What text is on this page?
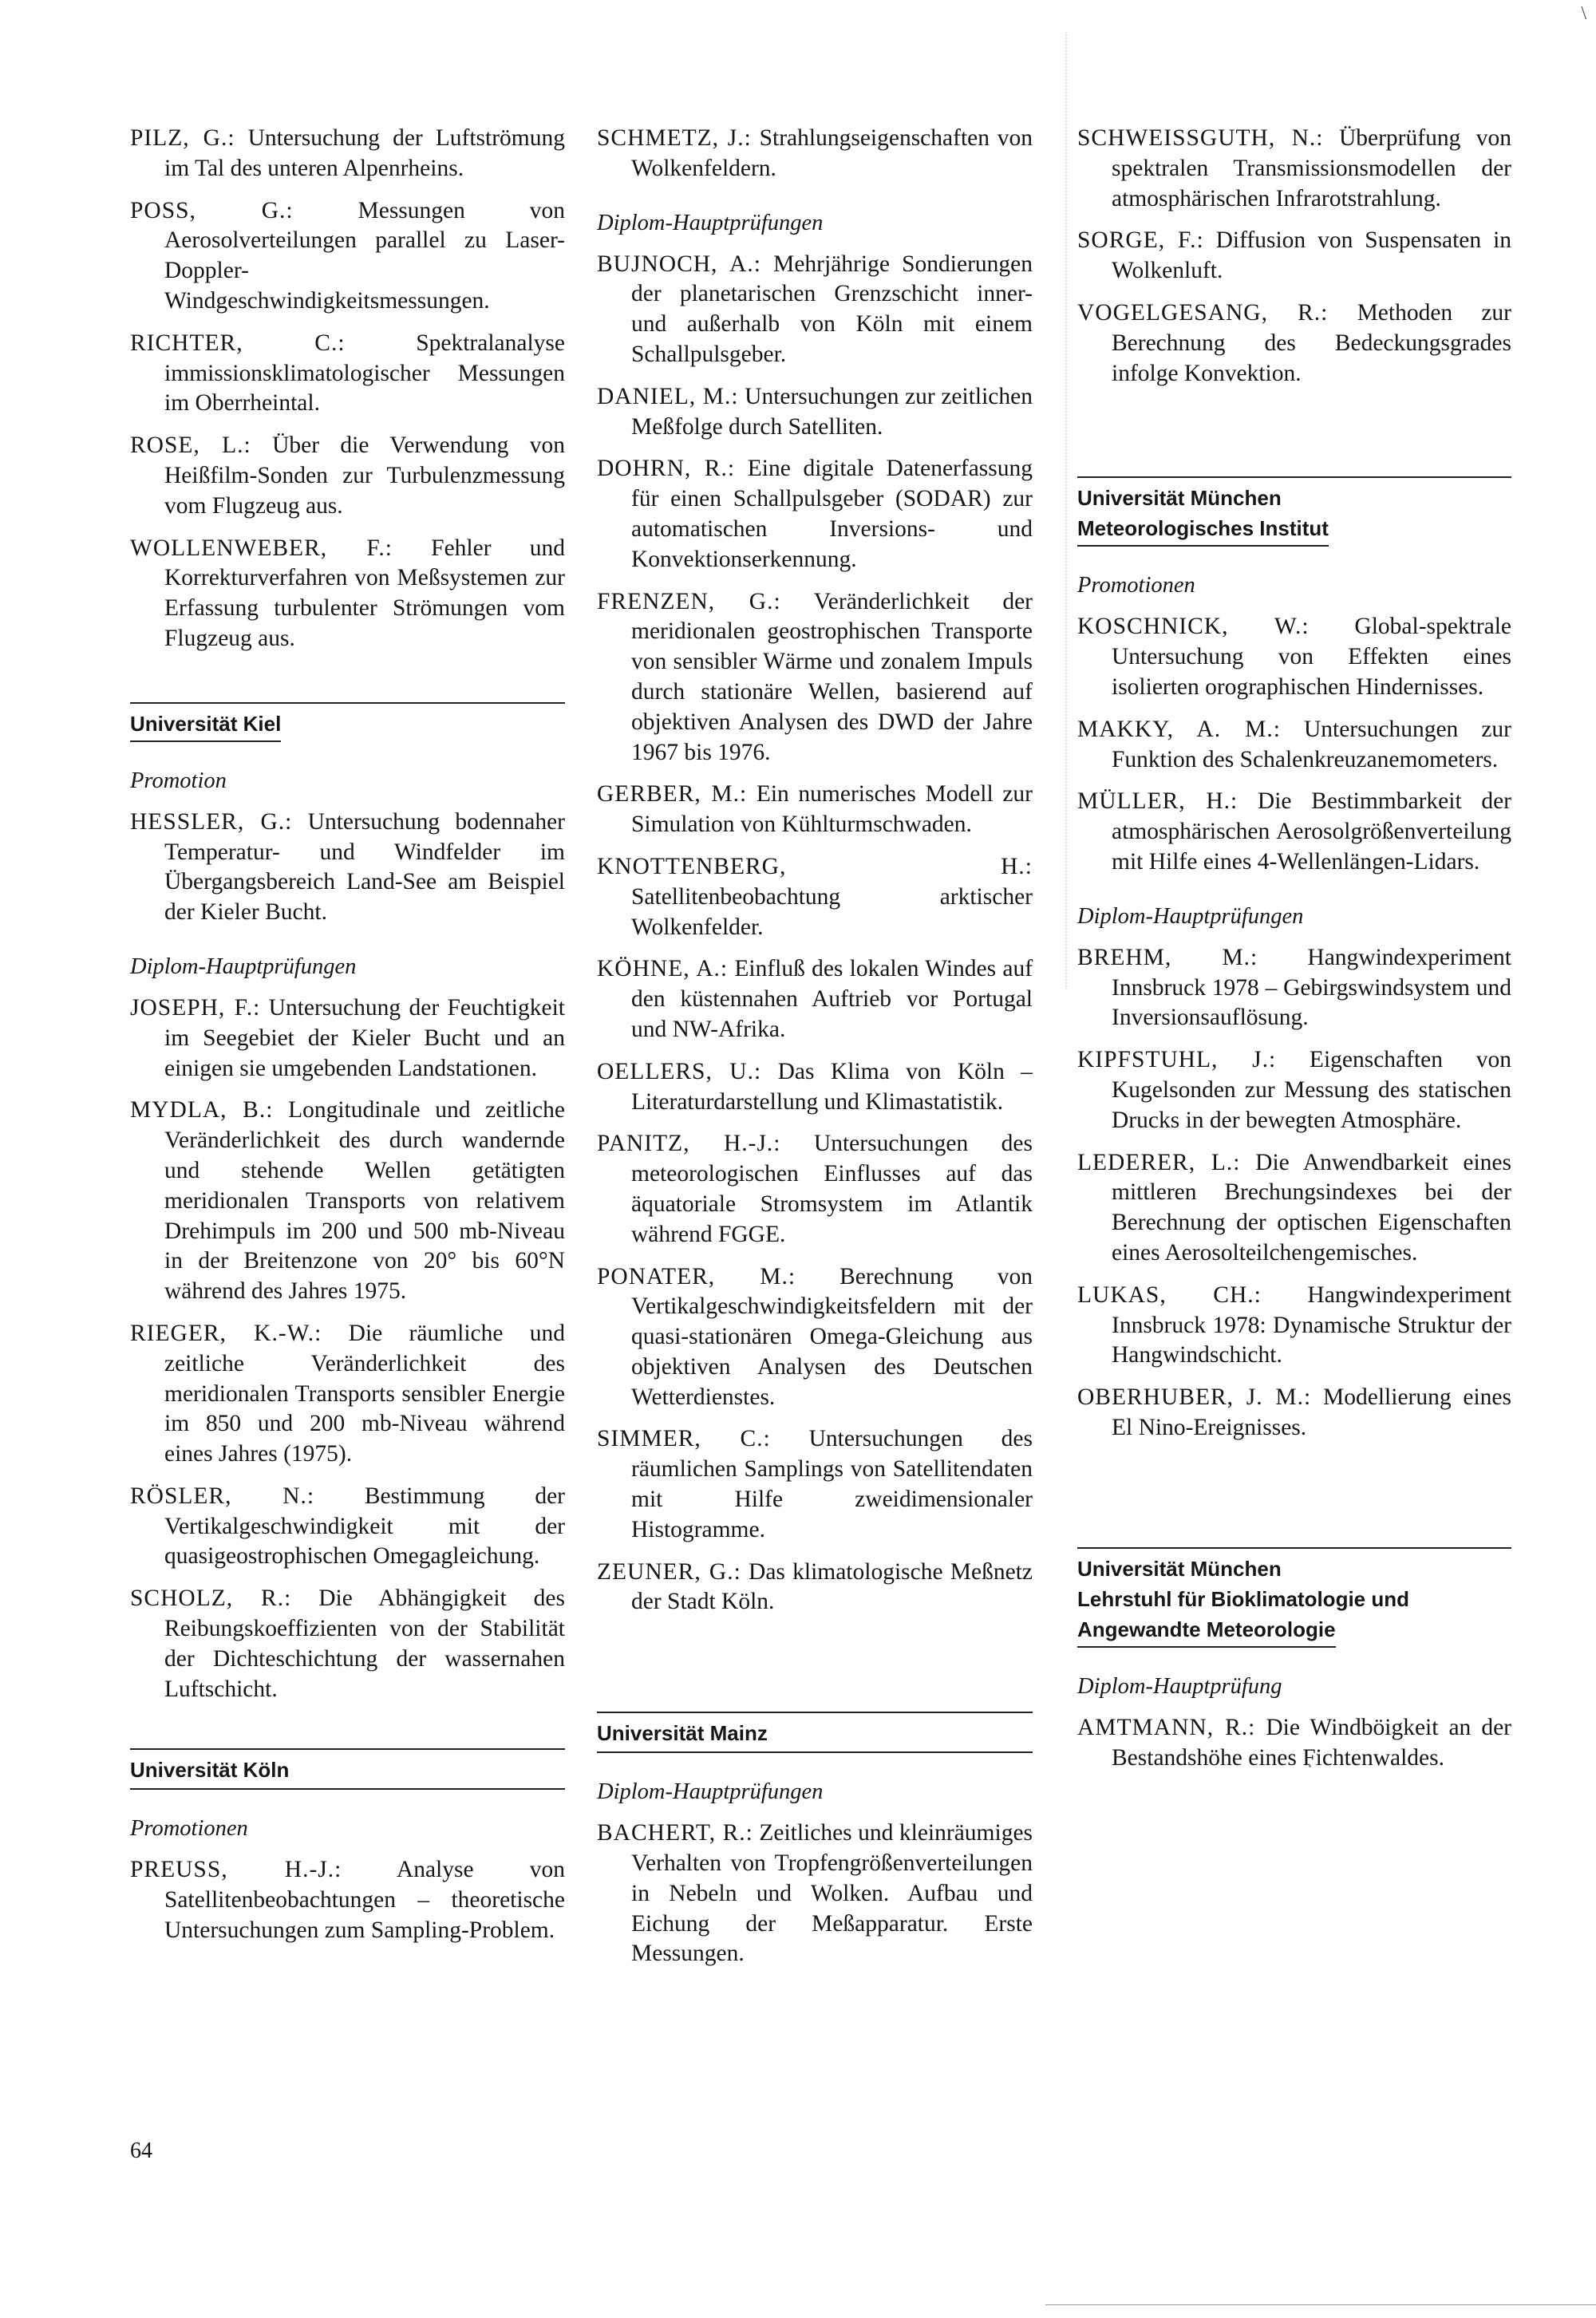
\

PILZ, G.: Untersuchung der Luftströmung im Tal des unteren Alpenrheins.

POSS, G.:	Messungen von Aerosolverteilungen parallel zu Laser-Doppler-Windgeschwindigkeitsmessungen.

RICHTER, C.:	Spektralanalyse immissionsklimatologischer Messungen im Oberrheintal.

ROSE, L.: Über die Verwendung von Heißfilm-Sonden zur Turbulenzmessung vom Flugzeug aus.

WOLLENWEBER, F.: Fehler und Korrekturverfahren von Meßsystemen zur Erfassung turbulenter Strömungen vom Flugzeug aus.

Universität Kiel
Promotion

HESSLER, G.: Untersuchung bodennaher Temperatur- und Windfelder im Übergangsbereich Land-See am Beispiel der Kieler Bucht.

Diplom-Hauptprüfungen

JOSEPH, F.: Untersuchung der Feuchtigkeit im Seegebiet der Kieler Bucht und an einigen sie umgebenden Landstationen.

MYDLA, B.: Longitudinale und zeitliche Veränderlichkeit des durch wandernde und stehende Wellen getätigten meridionalen Transports von relativem Drehimpuls im 200 und 500 mb-Niveau in der Breitenzone von 20° bis 60°N während des Jahres 1975.

RIEGER, K.-W.: Die räumliche und zeitliche Veränderlichkeit des meridionalen Transports sensibler Energie im 850 und 200 mb-Niveau während eines Jahres (1975).

RÖSLER, N.: Bestimmung der Vertikalgeschwindigkeit mit der quasigeostrophischen Omegagleichung.

SCHOLZ, R.: Die Abhängigkeit des Reibungskoeffizienten von der Stabilität der Dichteschichtung der wassernahen Luftschicht.

Universität Köln
Promotionen

PREUSS, H.-J.: Analyse von Satellitenbeobachtungen – theoretische Untersuchungen zum Sampling-Problem.

SCHMETZ, J.: Strahlungseigenschaften von Wolkenfeldern.

Diplom-Hauptprüfungen

BUJNOCH, A.: Mehrjährige Sondierungen der planetarischen Grenzschicht inner- und außerhalb von Köln mit einem Schallpulsgeber.

DANIEL, M.: Untersuchungen zur zeitlichen Meßfolge durch Satelliten.

DOHRN, R.: Eine digitale Datenerfassung für einen Schallpulsgeber (SODAR) zur automatischen Inversions- und Konvektionserkennung.

FRENZEN, G.: Veränderlichkeit der meridionalen geostrophischen Transporte von sensibler Wärme und zonalem Impuls durch stationäre Wellen, basierend auf objektiven Analysen des DWD der Jahre 1967 bis 1976.

GERBER, M.: Ein numerisches Modell zur Simulation von Kühlturmschwaden.

KNOTTENBERG, H.: Satellitenbeobachtung arktischer Wolkenfelder.

KÖHNE, A.: Einfluß des lokalen Windes auf den küstennahen Auftrieb vor Portugal und NW-Afrika.

OELLERS, U.: Das Klima von Köln – Literaturdarstellung und Klimastatistik.

PANITZ, H.-J.: Untersuchungen des meteorologischen Einflusses auf das äquatoriale Stromsystem im Atlantik während FGGE.

PONATER, M.: Berechnung von Vertikalgeschwindigkeitsfeldern mit der quasi-stationären Omega-Gleichung aus objektiven Analysen des Deutschen Wetterdienstes.

SIMMER, C.: Untersuchungen des räumlichen Samplings von Satellitendaten mit Hilfe zweidimensionaler Histogramme.

ZEUNER, G.: Das klimatologische Meßnetz der Stadt Köln.

Universität Mainz
Diplom-Hauptprüfungen

BACHERT, R.: Zeitliches und kleinräumiges Verhalten von Tropfengrößenverteilungen in Nebeln und Wolken. Aufbau und Eichung der Meßapparatur. Erste Messungen.

SCHWEISSGUTH, N.: Überprüfung von spektralen Transmissionsmodellen der atmosphärischen Infrarotstrahlung.

SORGE, F.: Diffusion von Suspensaten in Wolkenluft.

VOGELGESANG, R.: Methoden zur Berechnung des Bedeckungsgrades infolge Konvektion.

Universität München
Meteorologisches Institut
Promotionen

KOSCHNICK, W.: Global-spektrale Untersuchung von Effekten eines isolierten orographischen Hindernisses.

MAKKY, A. M.: Untersuchungen zur Funktion des Schalenkreuzanemometers.

MÜLLER, H.: Die Bestimmbarkeit der atmosphärischen Aerosolgrößenverteilung mit Hilfe eines 4-Wellenlängen-Lidars.

Diplom-Hauptprüfungen

BREHM, M.: Hangwindexperiment Innsbruck 1978 – Gebirgswindsystem und Inversionsauflösung.

KIPFSTUHL, J.: Eigenschaften von Kugelsonden zur Messung des statischen Drucks in der bewegten Atmosphäre.

LEDERER, L.: Die Anwendbarkeit eines mittleren Brechungsindexes bei der Berechnung der optischen Eigenschaften eines Aerosolteilchengemisches.

LUKAS, CH.: Hangwindexperiment Innsbruck 1978: Dynamische Struktur der Hangwindschicht.

OBERHUBER, J. M.: Modellierung eines El Nino-Ereignisses.

Universität München
Lehrstuhl für Bioklimatologie und
Angewandte Meteorologie
Diplom-Hauptprüfung

AMTMANN, R.: Die Windböigkeit an der Bestandshöhe eines Fichtenwaldes.

64
